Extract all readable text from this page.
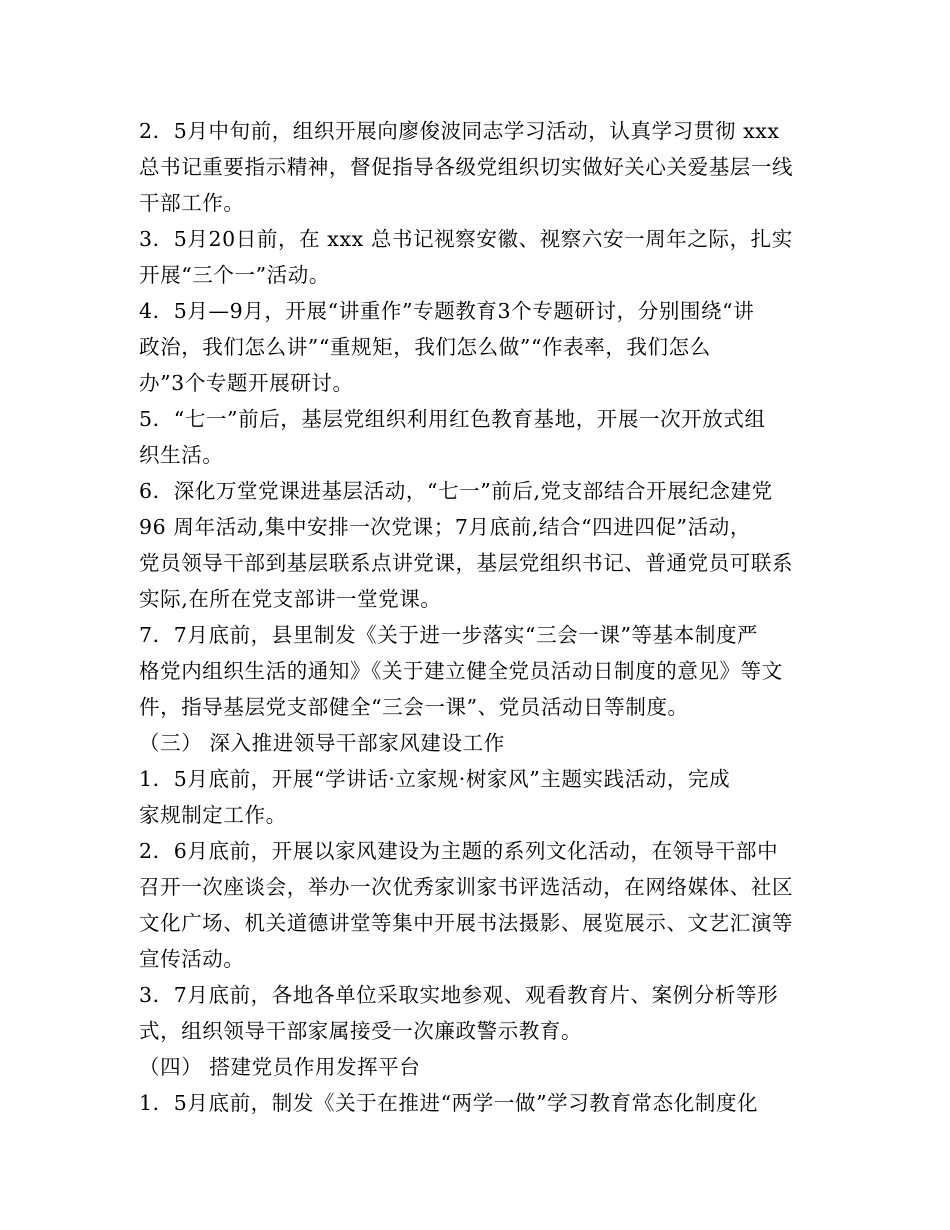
2．5月中旬前，组织开展向廖俊波同志学习活动，认真学习贯彻 xxx
总书记重要指示精神，督促指导各级党组织切实做好关心关爱基层一线
干部工作。
3．5月20日前，在 xxx 总书记视察安徽、视察六安一周年之际，扎实
开展“三个一”活动。
4．5月—9月，开展“讲重作”专题教育3个专题研讨，分别围绕“讲
政治，我们怎么讲”“重规矩，我们怎么做”“作表率，我们怎么
办”3个专题开展研讨。
5．“七一”前后，基层党组织利用红色教育基地，开展一次开放式组
织生活。
6．深化万堂党课进基层活动，“七一”前后,党支部结合开展纪念建党
96 周年活动,集中安排一次党课；7月底前,结合“四进四促”活动，
党员领导干部到基层联系点讲党课，基层党组织书记、普通党员可联系
实际,在所在党支部讲一堂党课。
7．7月底前，县里制发《关于进一步落实“三会一课”等基本制度严
格党内组织生活的通知》《关于建立健全党员活动日制度的意见》等文
件，指导基层党支部健全“三会一课”、党员活动日等制度。
（三） 深入推进领导干部家风建设工作
1．5月底前，开展“学讲话·立家规·树家风”主题实践活动，完成
家规制定工作。
2．6月底前，开展以家风建设为主题的系列文化活动，在领导干部中
召开一次座谈会，举办一次优秀家训家书评选活动，在网络媒体、社区
文化广场、机关道德讲堂等集中开展书法摄影、展览展示、文艺汇演等
宣传活动。
3．7月底前，各地各单位采取实地参观、观看教育片、案例分析等形
式，组织领导干部家属接受一次廉政警示教育。
（四） 搭建党员作用发挥平台
1．5月底前，制发《关于在推进“两学一做”学习教育常态化制度化
